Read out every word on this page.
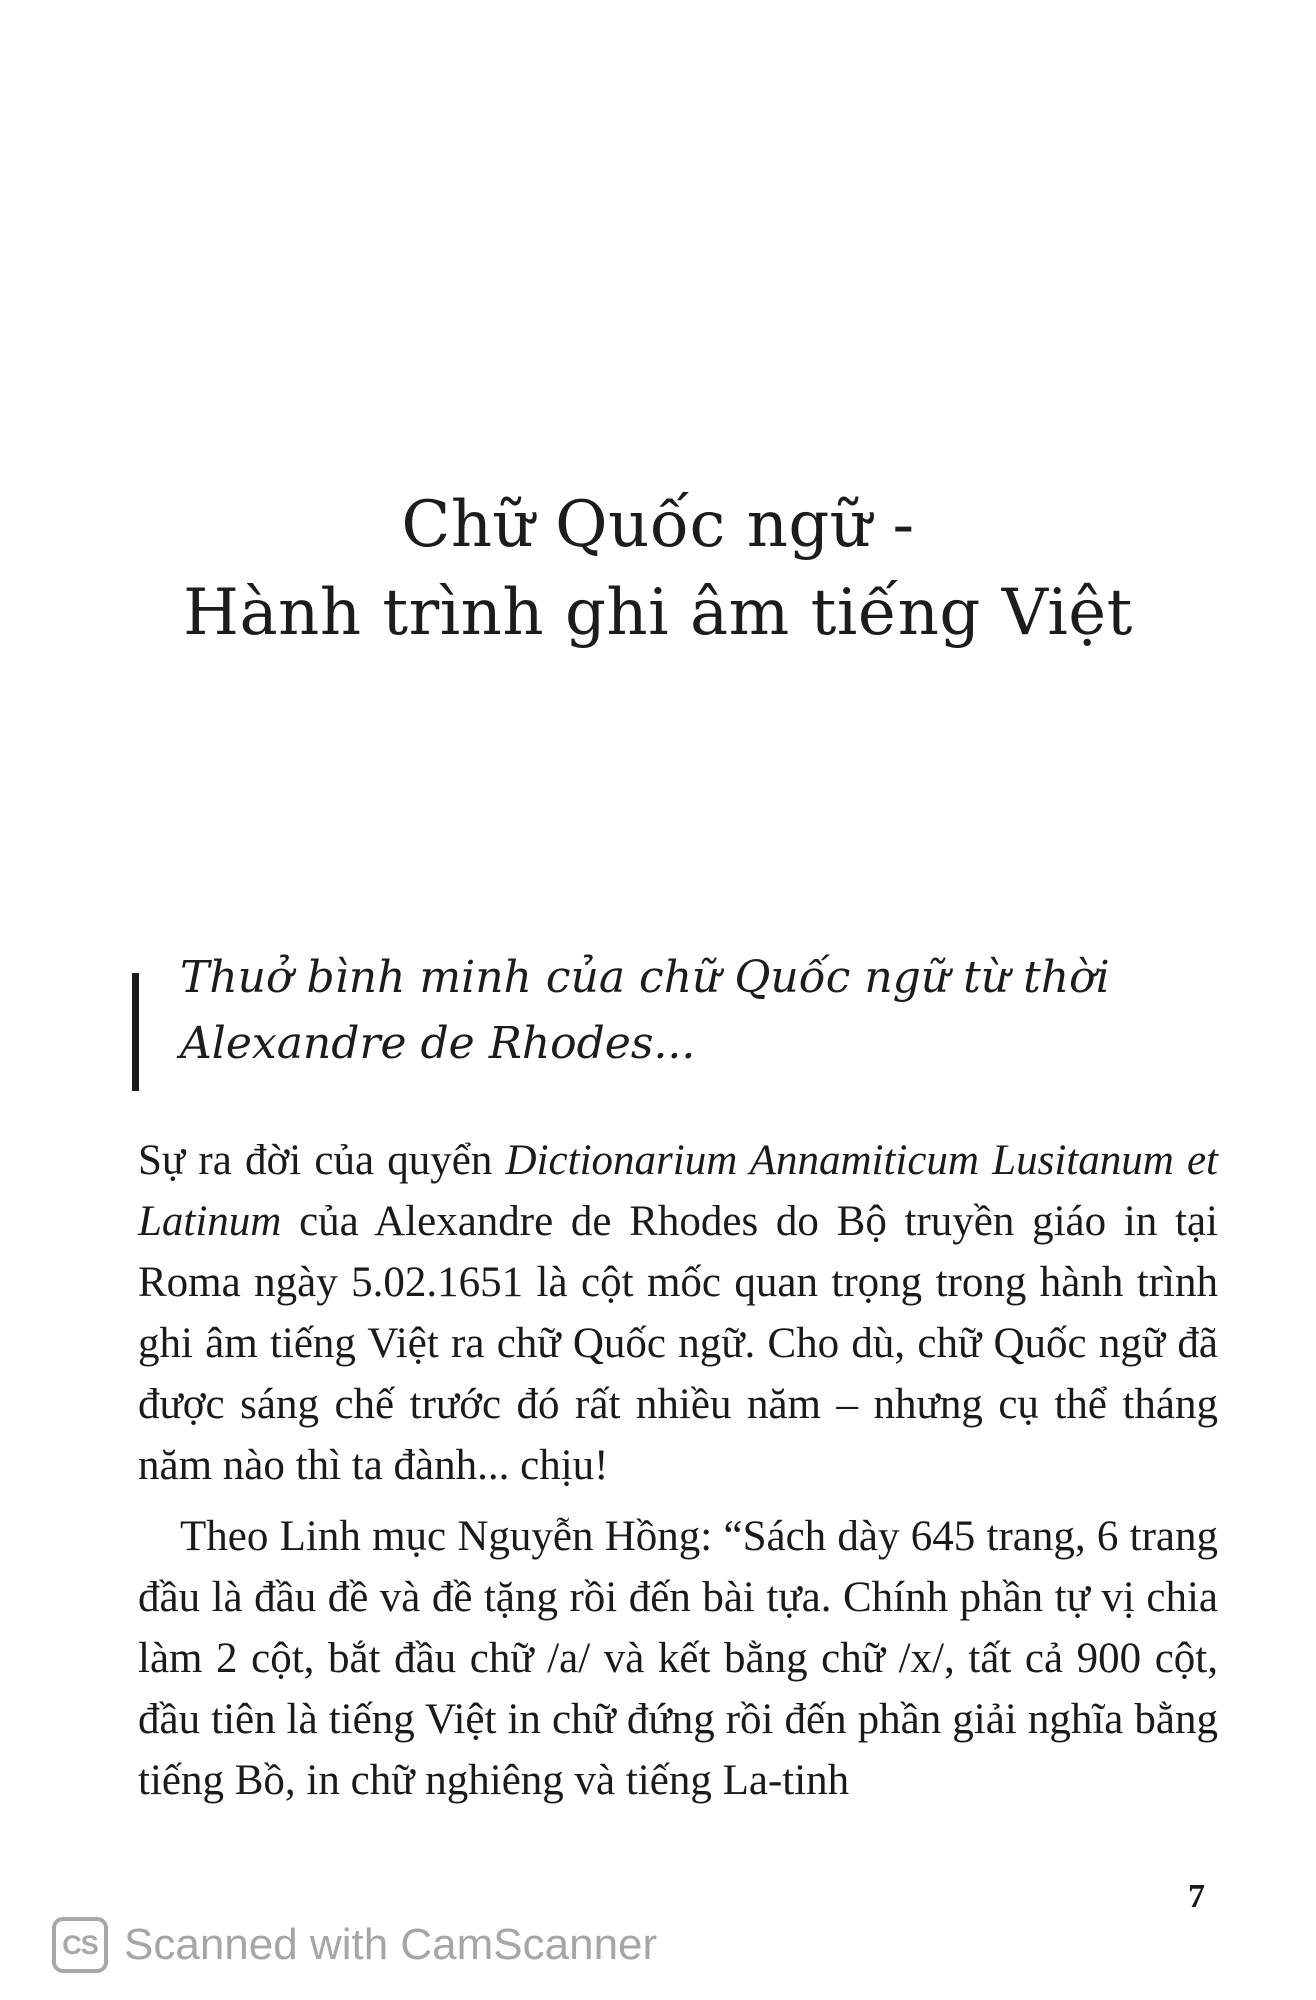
Chữ Quốc ngữ -
Hành trình ghi âm tiếng Việt
Thuở bình minh của chữ Quốc ngữ từ thời Alexandre de Rhodes...

Sự ra đời của quyển Dictionarium Annamiticum Lusitanum et Latinum của Alexandre de Rhodes do Bộ truyền giáo in tại Roma ngày 5.02.1651 là cột mốc quan trọng trong hành trình ghi âm tiếng Việt ra chữ Quốc ngữ. Cho dù, chữ Quốc ngữ đã được sáng chế trước đó rất nhiều năm – nhưng cụ thể tháng năm nào thì ta đành... chịu!

Theo Linh mục Nguyễn Hồng: “Sách dày 645 trang, 6 trang đầu là đầu đề và đề tặng rồi đến bài tựa. Chính phần tự vị chia làm 2 cột, bắt đầu chữ /a/ và kết bằng chữ /x/, tất cả 900 cột, đầu tiên là tiếng Việt in chữ đứng rồi đến phần giải nghĩa bằng tiếng Bồ, in chữ nghiêng và tiếng La-tinh

7
CS Scanned with CamScanner
